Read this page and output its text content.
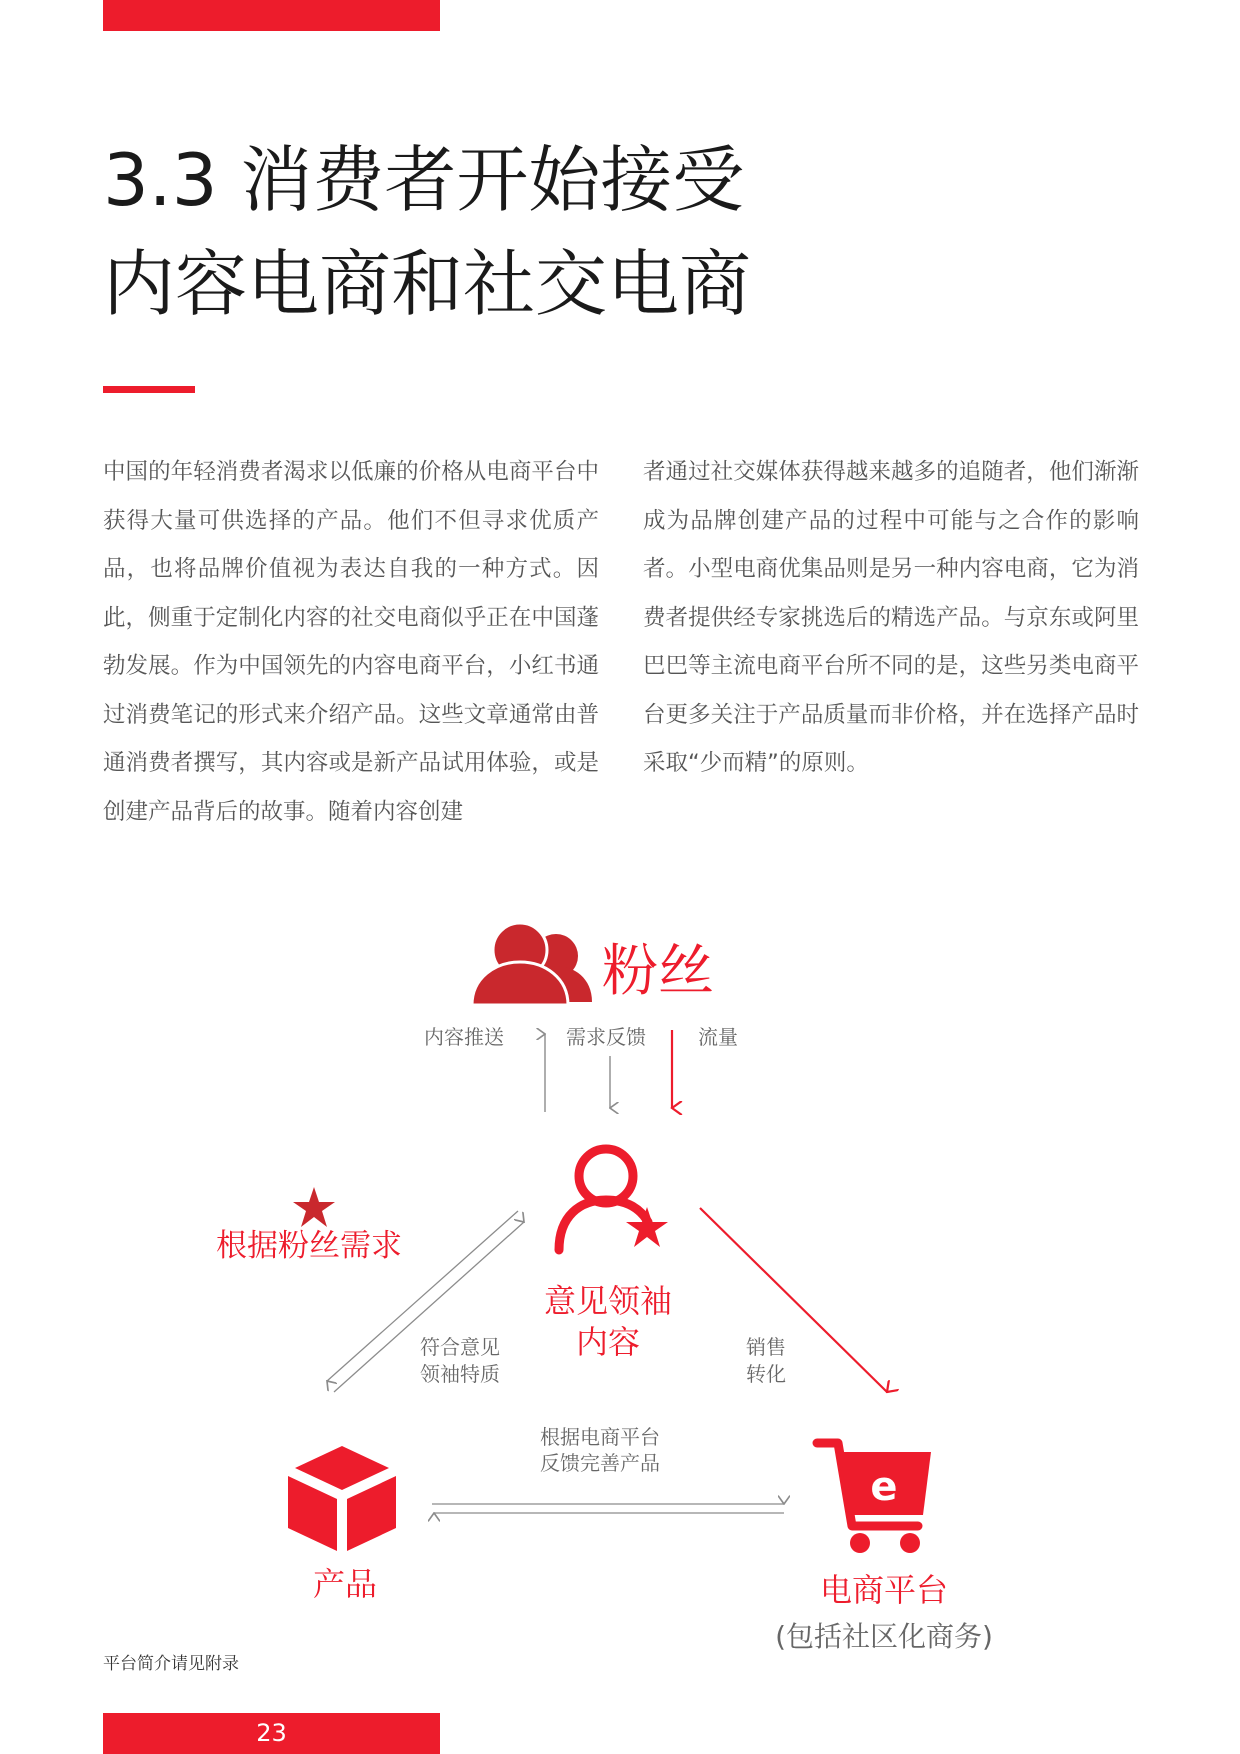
3.3 消费者开始接受
内容电商和社交电商
中国的年轻消费者渴求以低廉的价格从电商平台中获得大量可供选择的产品。他们不但寻求优质产品，也将品牌价值视为表达自我的一种方式。因此，侧重于定制化内容的社交电商似乎正在中国蓬勃发展。作为中国领先的内容电商平台，小红书通过消费笔记的形式来介绍产品。这些文章通常由普通消费者撰写，其内容或是新产品试用体验，或是创建产品背后的故事。随着内容创建
者通过社交媒体获得越来越多的追随者，他们渐渐成为品牌创建产品的过程中可能与之合作的影响者。小型电商优集品则是另一种内容电商，它为消费者提供经专家挑选后的精选产品。与京东或阿里巴巴等主流电商平台所不同的是，这些另类电商平台更多关注于产品质量而非价格，并在选择产品时采取“少而精”的原则。
粉丝
内容推送	需求反馈	流量
意见领袖
内容
根据粉丝需求
符合意见
领袖特质
销售
转化
根据电商平台
反馈完善产品
产品
e
电商平台
(包括社区化商务)
平台简介请见附录
23
